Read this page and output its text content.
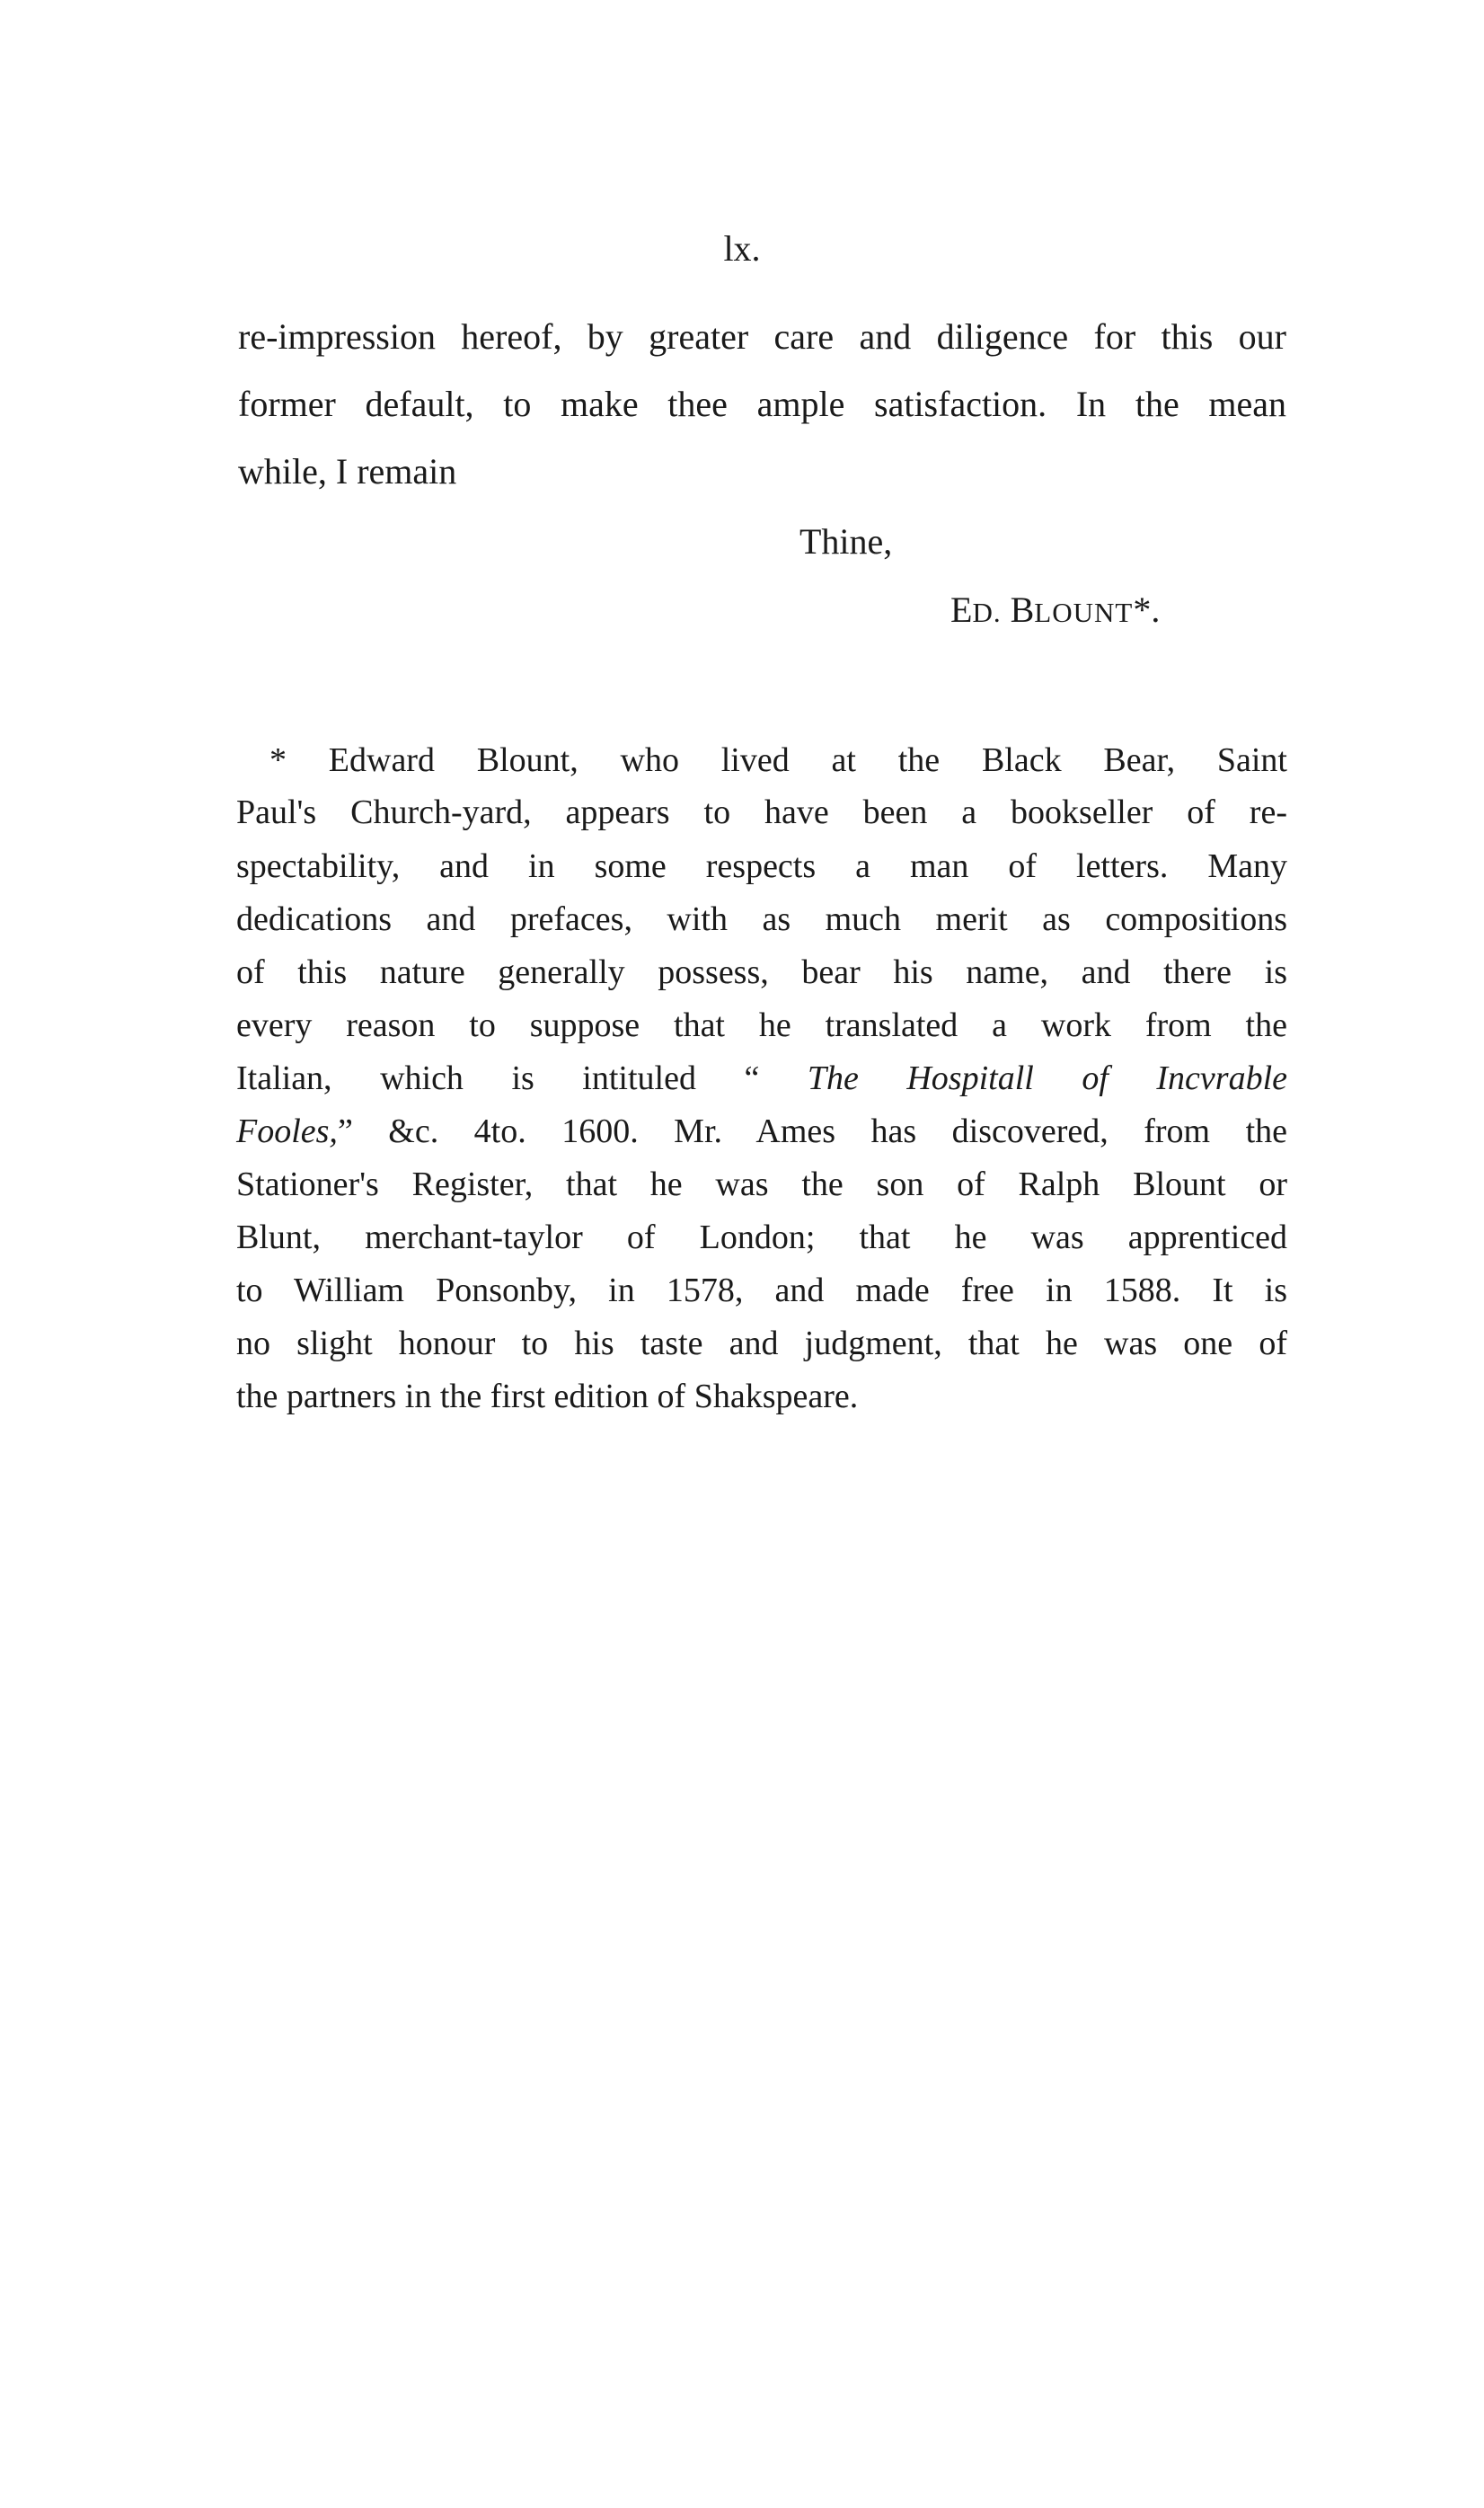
lx.
re-impression hereof, by greater care and diligence for this our
former default, to make thee ample satisfaction. In the mean
while, I remain
Thine,
ED. BLOUNT*.
* Edward Blount, who lived at the Black Bear, Saint
Paul's Church-yard, appears to have been a bookseller of re-
spectability, and in some respects a man of letters. Many
dedications and prefaces, with as much merit as compositions
of this nature generally possess, bear his name, and there is
every reason to suppose that he translated a work from the
Italian, which is intituled “ The Hospitall of Incvrable
Fooles,” &c. 4to. 1600. Mr. Ames has discovered, from the
Stationer's Register, that he was the son of Ralph Blount or
Blunt, merchant-taylor of London; that he was apprenticed
to William Ponsonby, in 1578, and made free in 1588. It is
no slight honour to his taste and judgment, that he was one of
the partners in the first edition of Shakspeare.
